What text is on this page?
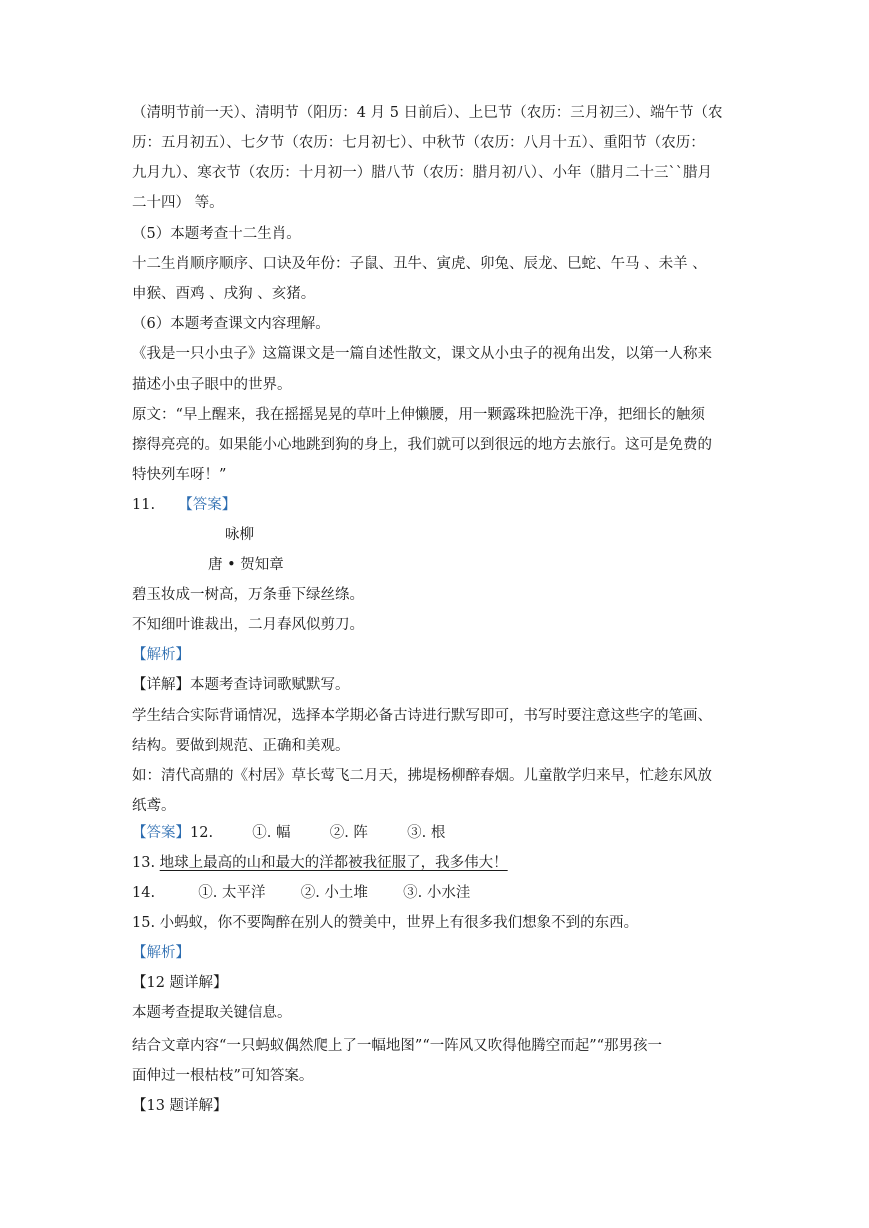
（清明节前一天）、清明节（阳历：4 月 5 日前后）、上巳节（农历：三月初三）、端午节（农
历：五月初五）、七夕节（农历：七月初七）、中秋节（农历：八月十五）、重阳节（农历：
九月九）、寒衣节（农历：十月初一）腊八节（农历：腊月初八）、小年（腊月二十三``腊月
二十四） 等。
（5）本题考查十二生肖。
十二生肖顺序顺序、口诀及年份：子鼠、丑牛、寅虎、卯兔、辰龙、巳蛇、午马 、未羊 、
申猴、酉鸡 、戌狗 、亥猪。
（6）本题考查课文内容理解。
《我是一只小虫子》这篇课文是一篇自述性散文，课文从小虫子的视角出发，以第一人称来
描述小虫子眼中的世界。
原文：“早上醒来，我在摇摇晃晃的草叶上伸懒腰，用一颗露珠把脸洗干净，把细长的触须
擦得亮亮的。如果能小心地跳到狗的身上，我们就可以到很远的地方去旅行。这可是免费的
特快列车呀！”
11. 【答案】
咏柳
唐 • 贺知章
碧玉妆成一树高，万条垂下绿丝绦。
不知细叶谁裁出，二月春风似剪刀。
【解析】
【详解】本题考查诗词歌赋默写。
学生结合实际背诵情况，选择本学期必备古诗进行默写即可，书写时要注意这些字的笔画、
结构。要做到规范、正确和美观。
如：清代高鼎的《村居》草长莺飞二月天，拂堤杨柳醉春烟。儿童散学归来早，忙趁东风放
纸鸢。
【答案】12.	①. 幅	②. 阵	③. 根
13. 地球上最高的山和最大的洋都被我征服了，我多伟大！
14.	①. 太平洋 ②. 小土堆 ③. 小水洼
15. 小蚂蚁，你不要陶醉在别人的赞美中，世界上有很多我们想象不到的东西。
【解析】
【12 题详解】
本题考查提取关键信息。
结合文章内容“一只蚂蚁偶然爬上了一幅地图”“一阵风又吹得他腾空而起”“那男孩一
面伸过一根枯枝”可知答案。
【13 题详解】
